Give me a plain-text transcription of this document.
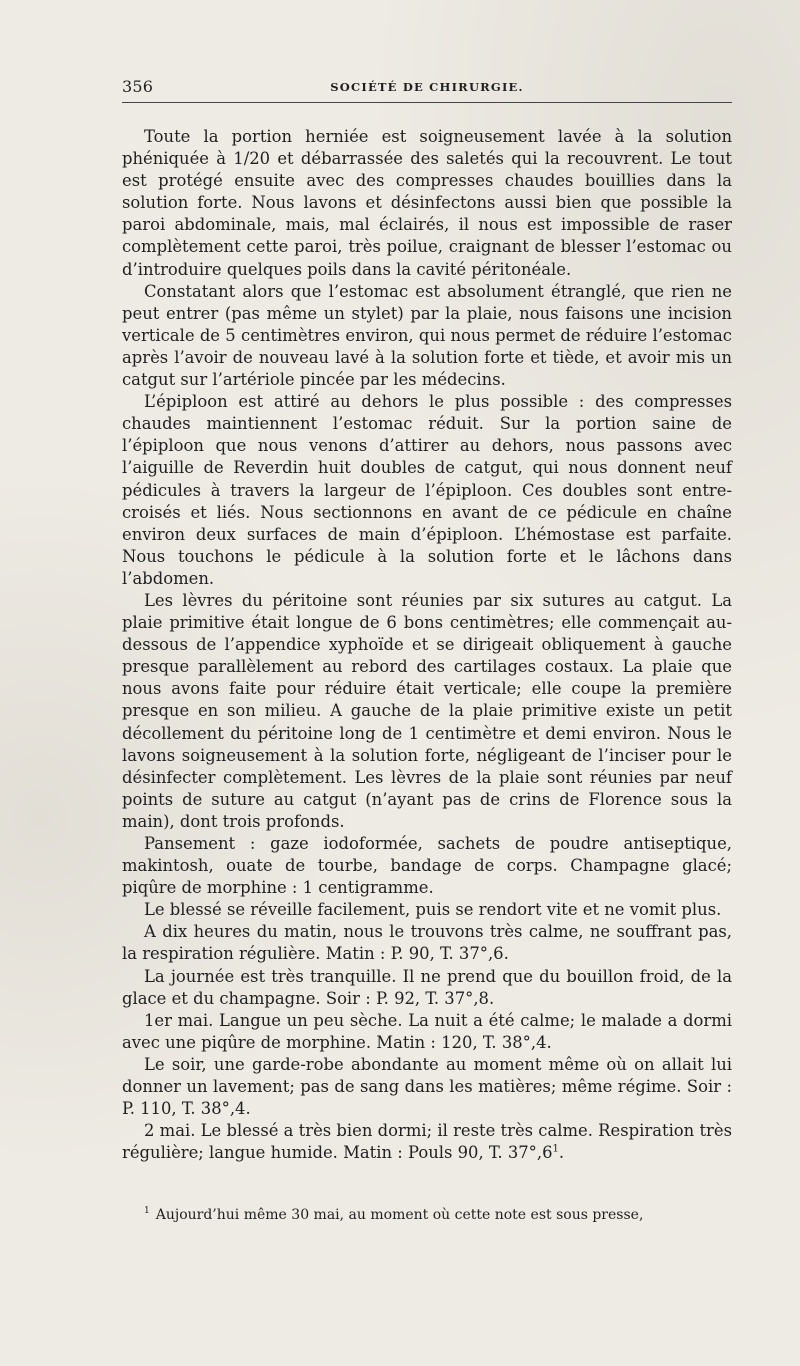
356	SOCIÉTÉ DE CHIRURGIE.

Toute la portion herniée est soigneusement lavée à la solution phéniquée à 1/20 et débarrassée des saletés qui la recouvrent. Le tout est protégé ensuite avec des compresses chaudes bouillies dans la solution forte. Nous lavons et désinfectons aussi bien que possible la paroi abdominale, mais, mal éclairés, il nous est impossible de raser complètement cette paroi, très poilue, craignant de blesser l’estomac ou d’introduire quelques poils dans la cavité péritonéale.

Constatant alors que l’estomac est absolument étranglé, que rien ne peut entrer (pas même un stylet) par la plaie, nous faisons une incision verticale de 5 centimètres environ, qui nous permet de réduire l’estomac après l’avoir de nouveau lavé à la solution forte et tiède, et avoir mis un catgut sur l’artériole pincée par les médecins.

L’épiploon est attiré au dehors le plus possible : des compresses chaudes maintiennent l’estomac réduit. Sur la portion saine de l’épiploon que nous venons d’attirer au dehors, nous passons avec l’aiguille de Reverdin huit doubles de catgut, qui nous donnent neuf pédicules à travers la largeur de l’épiploon. Ces doubles sont entre-croisés et liés. Nous sectionnons en avant de ce pédicule en chaîne environ deux surfaces de main d’épiploon. L’hémostase est parfaite. Nous touchons le pédicule à la solution forte et le lâchons dans l’abdomen.

Les lèvres du péritoine sont réunies par six sutures au catgut. La plaie primitive était longue de 6 bons centimètres; elle commençait au-dessous de l’appendice xyphoïde et se dirigeait obliquement à gauche presque parallèlement au rebord des cartilages costaux. La plaie que nous avons faite pour réduire était verticale; elle coupe la première presque en son milieu. A gauche de la plaie primitive existe un petit décollement du péritoine long de 1 centimètre et demi environ. Nous le lavons soigneusement à la solution forte, négligeant de l’inciser pour le désinfecter complètement. Les lèvres de la plaie sont réunies par neuf points de suture au catgut (n’ayant pas de crins de Florence sous la main), dont trois profonds.

Pansement : gaze iodoformée, sachets de poudre antiseptique, makintosh, ouate de tourbe, bandage de corps. Champagne glacé; piqûre de morphine : 1 centigramme.

Le blessé se réveille facilement, puis se rendort vite et ne vomit plus.

A dix heures du matin, nous le trouvons très calme, ne souffrant pas, la respiration régulière. Matin : P. 90, T. 37°,6.

La journée est très tranquille. Il ne prend que du bouillon froid, de la glace et du champagne. Soir : P. 92, T. 37°,8.

1er mai. Langue un peu sèche. La nuit a été calme; le malade a dormi avec une piqûre de morphine. Matin : 120, T. 38°,4.

Le soir, une garde-robe abondante au moment même où on allait lui donner un lavement; pas de sang dans les matières; même régime. Soir : P. 110, T. 38°,4.

2 mai. Le blessé a très bien dormi; il reste très calme. Respiration très régulière; langue humide. Matin : Pouls 90, T. 37°,6$^1$.

$^1$ Aujourd’hui même 30 mai, au moment où cette note est sous presse,
